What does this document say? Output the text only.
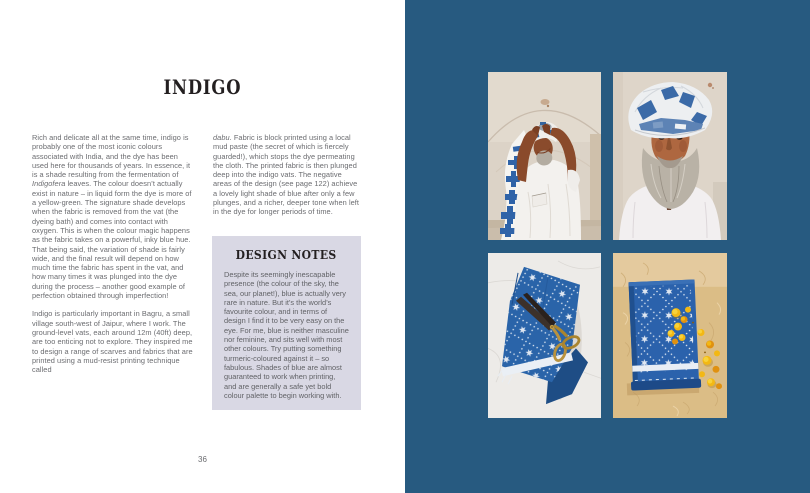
INDIGO

Rich and delicate all at the same time, indigo is probably one of the most iconic colours associated with India, and the dye has been used here for thousands of years. In essence, it is a shade resulting from the fermentation of Indigofera leaves. The colour doesn’t actually exist in nature – in liquid form the dye is more of a yellow-green. The signature shade develops when the fabric is removed from the vat (the dyeing bath) and comes into contact with oxygen. This is when the colour magic happens as the fabric takes on a powerful, inky blue hue. That being said, the variation of shade is fairly wide, and the final result will depend on how much time the fabric has spent in the vat, and how many times it was plunged into the dye during the process – another good example of perfection obtained through imperfection!

Indigo is particularly important in Bagru, a small village south-west of Jaipur, where I work. The ground-level vats, each around 12m (40ft) deep, are too enticing not to explore. They inspired me to design a range of scarves and fabrics that are printed using a mud-resist printing technique called

dabu. Fabric is block printed using a local mud paste (the secret of which is fiercely guarded!), which stops the dye permeating the cloth. The printed fabric is then plunged deep into the indigo vats. The negative areas of the design (see page 122) achieve a lovely light shade of blue after only a few plunges, and a richer, deeper tone when left in the dye for longer periods of time.

DESIGN NOTES

Despite its seemingly inescapable presence (the colour of the sky, the sea, our planet!), blue is actually very rare in nature. But it’s the world’s favourite colour, and in terms of design I find it to be very easy on the eye. For me, blue is neither masculine nor feminine, and sits well with most other colours. Try putting something turmeric-coloured against it – so fabulous. Shades of blue are almost guaranteed to work when printing, and are generally a safe yet bold colour palette to begin working with.

36
